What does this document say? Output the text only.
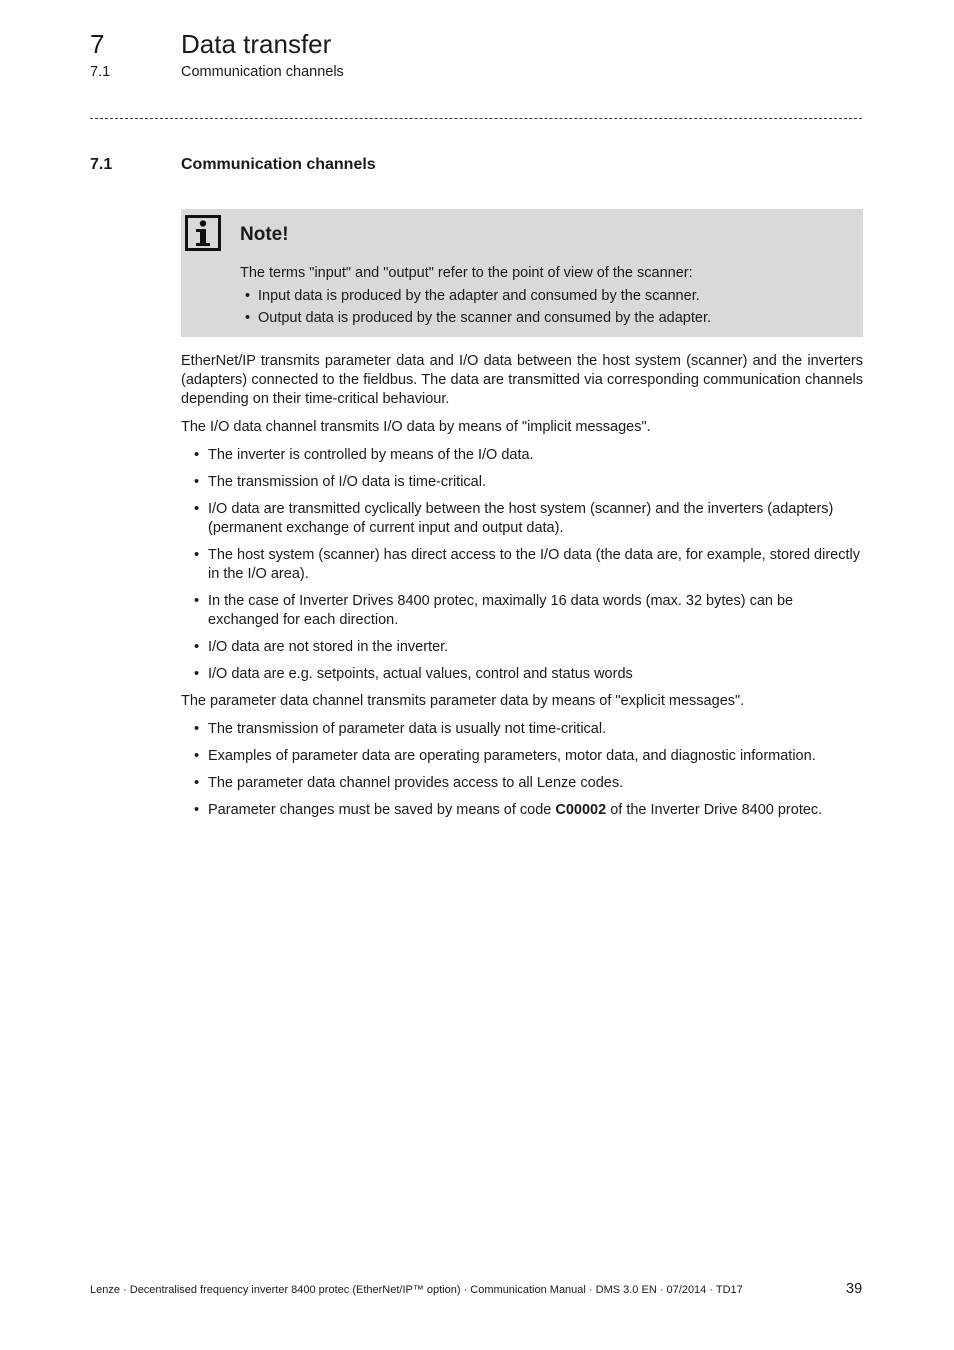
7	Data transfer
7.1	Communication channels
7.1	Communication channels
Note!
The terms "input" and "output" refer to the point of view of the scanner:
• Input data is produced by the adapter and consumed by the scanner.
• Output data is produced by the scanner and consumed by the adapter.

EtherNet/IP transmits parameter data and I/O data between the host system (scanner) and the inverters (adapters) connected to the fieldbus. The data are transmitted via corresponding communication channels depending on their time-critical behaviour.

The I/O data channel transmits I/O data by means of "implicit messages".

• The inverter is controlled by means of the I/O data.
• The transmission of I/O data is time-critical.
• I/O data are transmitted cyclically between the host system (scanner) and the inverters (adapters) (permanent exchange of current input and output data).
• The host system (scanner) has direct access to the I/O data (the data are, for example, stored directly in the I/O area).
• In the case of Inverter Drives 8400 protec, maximally 16 data words (max. 32 bytes) can be exchanged for each direction.
• I/O data are not stored in the inverter.
• I/O data are e.g. setpoints, actual values, control and status words

The parameter data channel transmits parameter data by means of "explicit messages".

• The transmission of parameter data is usually not time-critical.
• Examples of parameter data are operating parameters, motor data, and diagnostic information.
• The parameter data channel provides access to all Lenze codes.
• Parameter changes must be saved by means of code C00002 of the Inverter Drive 8400 protec.
Lenze · Decentralised frequency inverter 8400 protec (EtherNet/IP™ option) · Communication Manual · DMS 3.0 EN · 07/2014 · TD17	39
